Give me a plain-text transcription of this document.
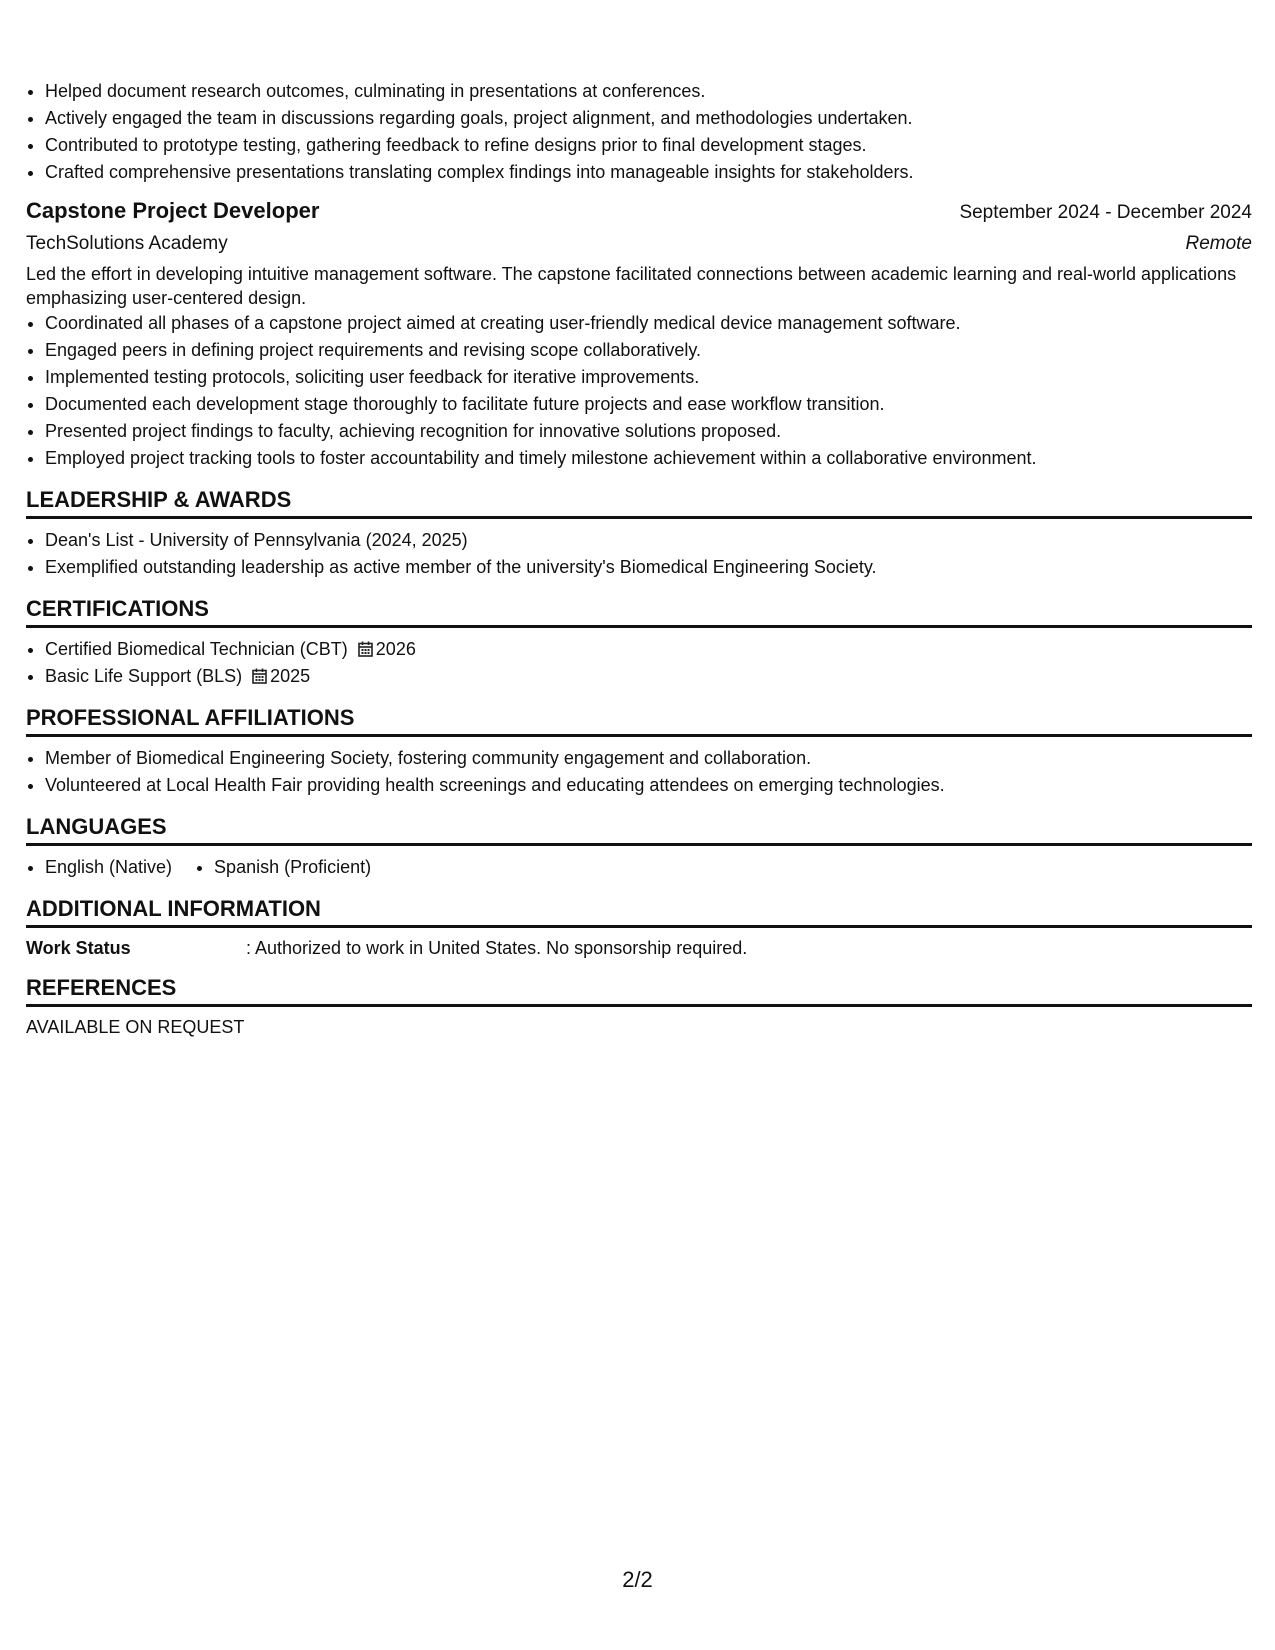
• Helped document research outcomes, culminating in presentations at conferences.
• Actively engaged the team in discussions regarding goals, project alignment, and methodologies undertaken.
• Contributed to prototype testing, gathering feedback to refine designs prior to final development stages.
• Crafted comprehensive presentations translating complex findings into manageable insights for stakeholders.
Capstone Project Developer	September 2024 - December 2024
TechSolutions Academy	Remote
Led the effort in developing intuitive management software. The capstone facilitated connections between academic learning and real-world applications emphasizing user-centered design.
• Coordinated all phases of a capstone project aimed at creating user-friendly medical device management software.
• Engaged peers in defining project requirements and revising scope collaboratively.
• Implemented testing protocols, soliciting user feedback for iterative improvements.
• Documented each development stage thoroughly to facilitate future projects and ease workflow transition.
• Presented project findings to faculty, achieving recognition for innovative solutions proposed.
• Employed project tracking tools to foster accountability and timely milestone achievement within a collaborative environment.
LEADERSHIP & AWARDS
• Dean's List - University of Pennsylvania (2024, 2025)
• Exemplified outstanding leadership as active member of the university's Biomedical Engineering Society.
CERTIFICATIONS
• Certified Biomedical Technician (CBT) 2026
• Basic Life Support (BLS) 2025
PROFESSIONAL AFFILIATIONS
• Member of Biomedical Engineering Society, fostering community engagement and collaboration.
• Volunteered at Local Health Fair providing health screenings and educating attendees on emerging technologies.
LANGUAGES
• English (Native)
• Spanish (Proficient)
ADDITIONAL INFORMATION
Work Status	: Authorized to work in United States. No sponsorship required.
REFERENCES
AVAILABLE ON REQUEST
2/2
